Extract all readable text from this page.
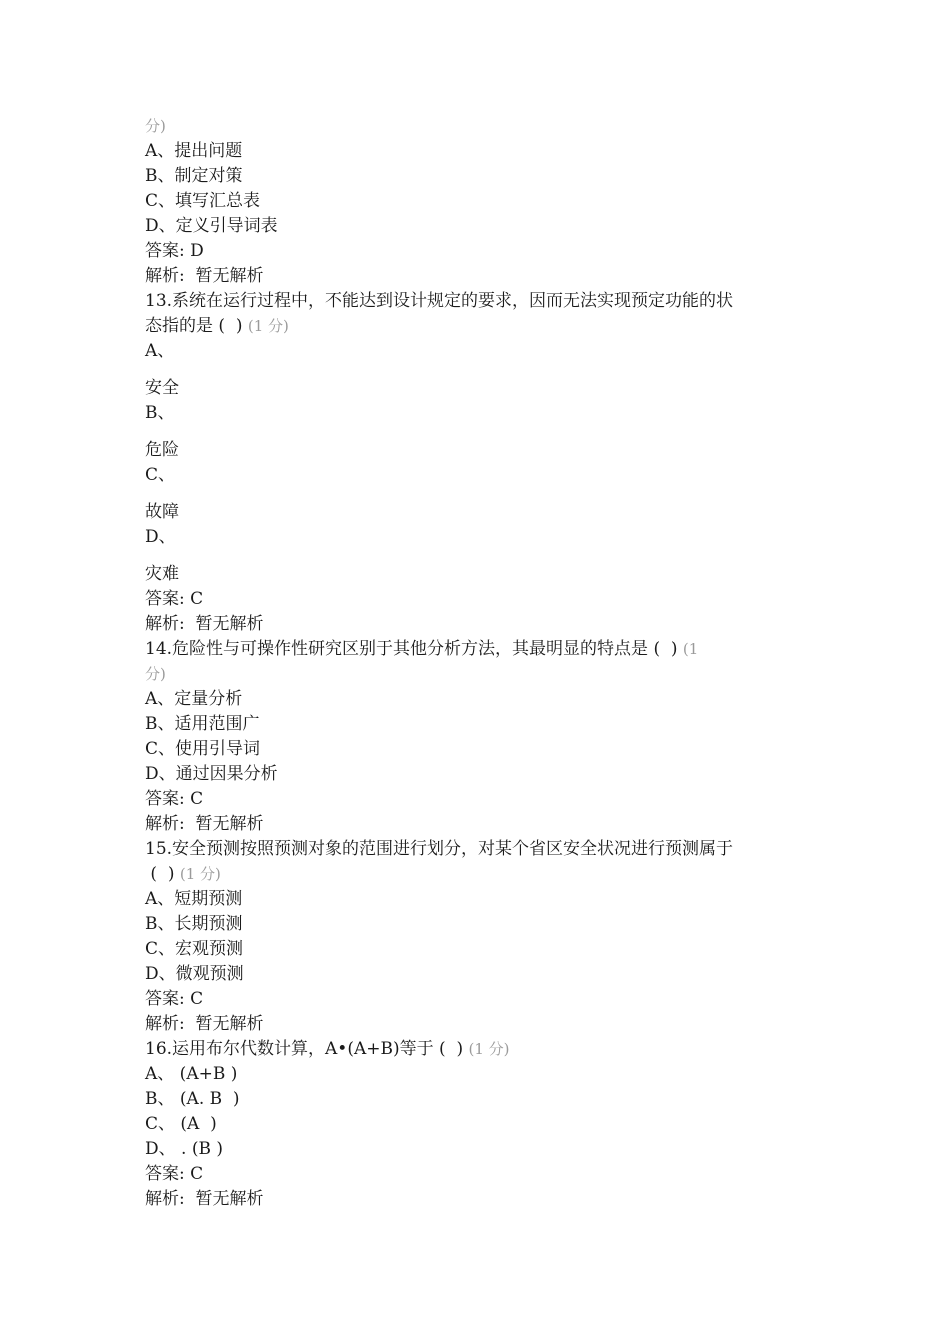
分)
A、提出问题
B、制定对策
C、填写汇总表
D、定义引导词表
答案: D
解析:  暂无解析
13.系统在运行过程中，不能达到设计规定的要求，因而无法实现预定功能的状
态指的是 (  ) (1 分)
A、
安全
B、
危险
C、
故障
D、
灾难
答案: C
解析:  暂无解析
14.危险性与可操作性研究区别于其他分析方法，其最明显的特点是 (  ) (1
分)
A、定量分析
B、适用范围广
C、使用引导词
D、通过因果分析
答案: C
解析:  暂无解析
15.安全预测按照预测对象的范围进行划分，对某个省区安全状况进行预测属于
(  ) (1 分)
A、短期预测
B、长期预测
C、宏观预测
D、微观预测
答案: C
解析:  暂无解析
16.运用布尔代数计算，A•(A+B)等于 (  ) (1 分)
A、 (A+B )
B、 (A. B  )
C、 (A  )
D、 . (B )
答案: C
解析:  暂无解析
